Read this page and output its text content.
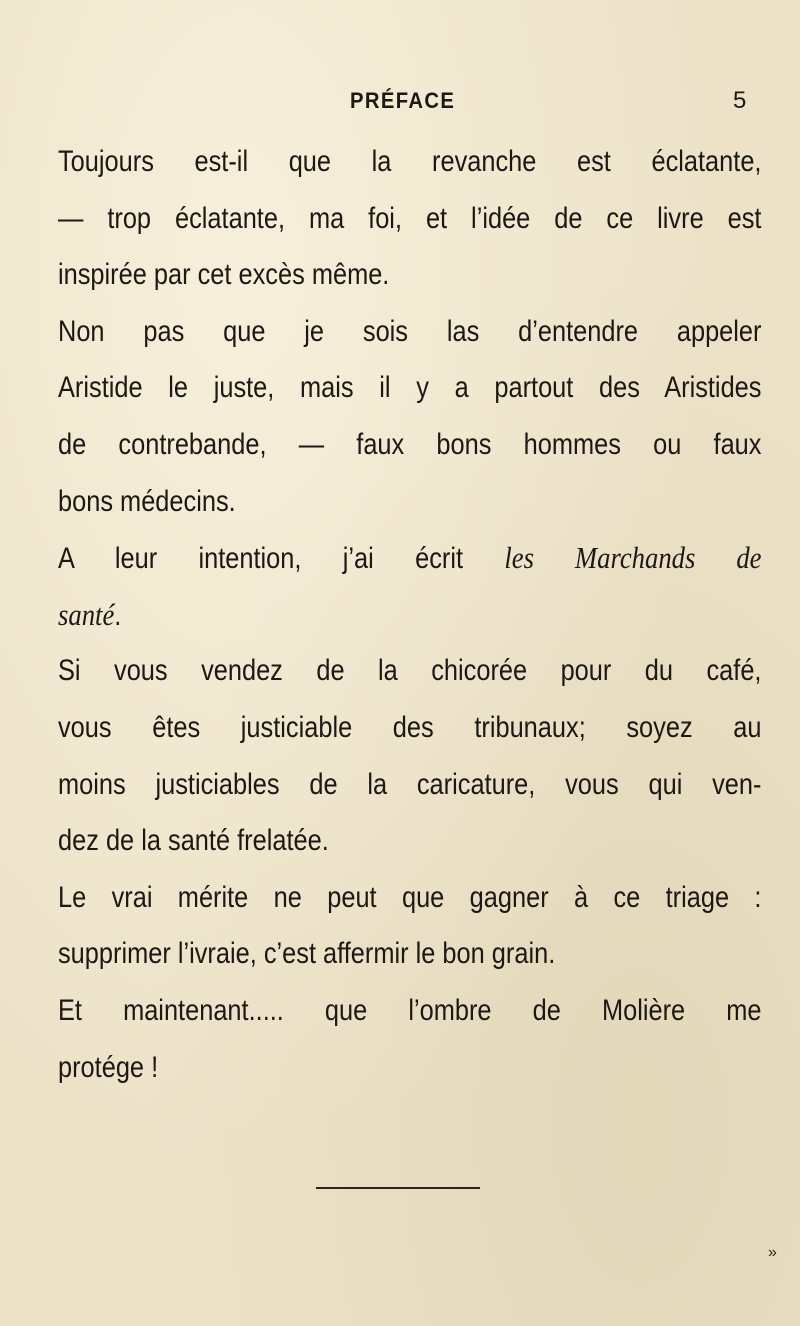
PRÉFACE	5
Toujours est-il que la revanche est éclatante,
— trop éclatante, ma foi, et l’idée de ce livre est
inspirée par cet excès même.
Non pas que je sois las d’entendre appeler
Aristide le juste, mais il y a partout des Aristides
de contrebande, — faux bons hommes ou faux
bons médecins.
A leur intention, j’ai écrit les Marchands de
santé.
Si vous vendez de la chicorée pour du café,
vous êtes justiciable des tribunaux; soyez au
moins justiciables de la caricature, vous qui ven-
dez de la santé frelatée.
Le vrai mérite ne peut que gagner à ce triage :
supprimer l’ivraie, c’est affermir le bon grain.
Et maintenant..... que l’ombre de Molière me
protége !
»
